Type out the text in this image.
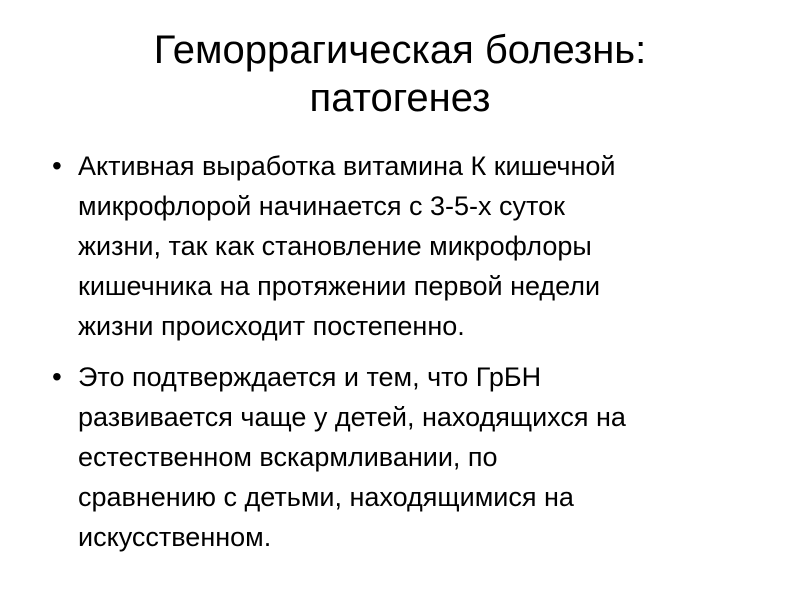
Геморрагическая болезнь:
патогенез
• Активная выработка витамина К кишечной
микрофлорой начинается с 3-5-х суток
жизни, так как становление микрофлоры
кишечника на протяжении первой недели
жизни происходит постепенно.
• Это подтверждается и тем, что ГрБН
развивается чаще у детей, находящихся на
естественном вскармливании, по
сравнению с детьми, находящимися на
искусственном.
